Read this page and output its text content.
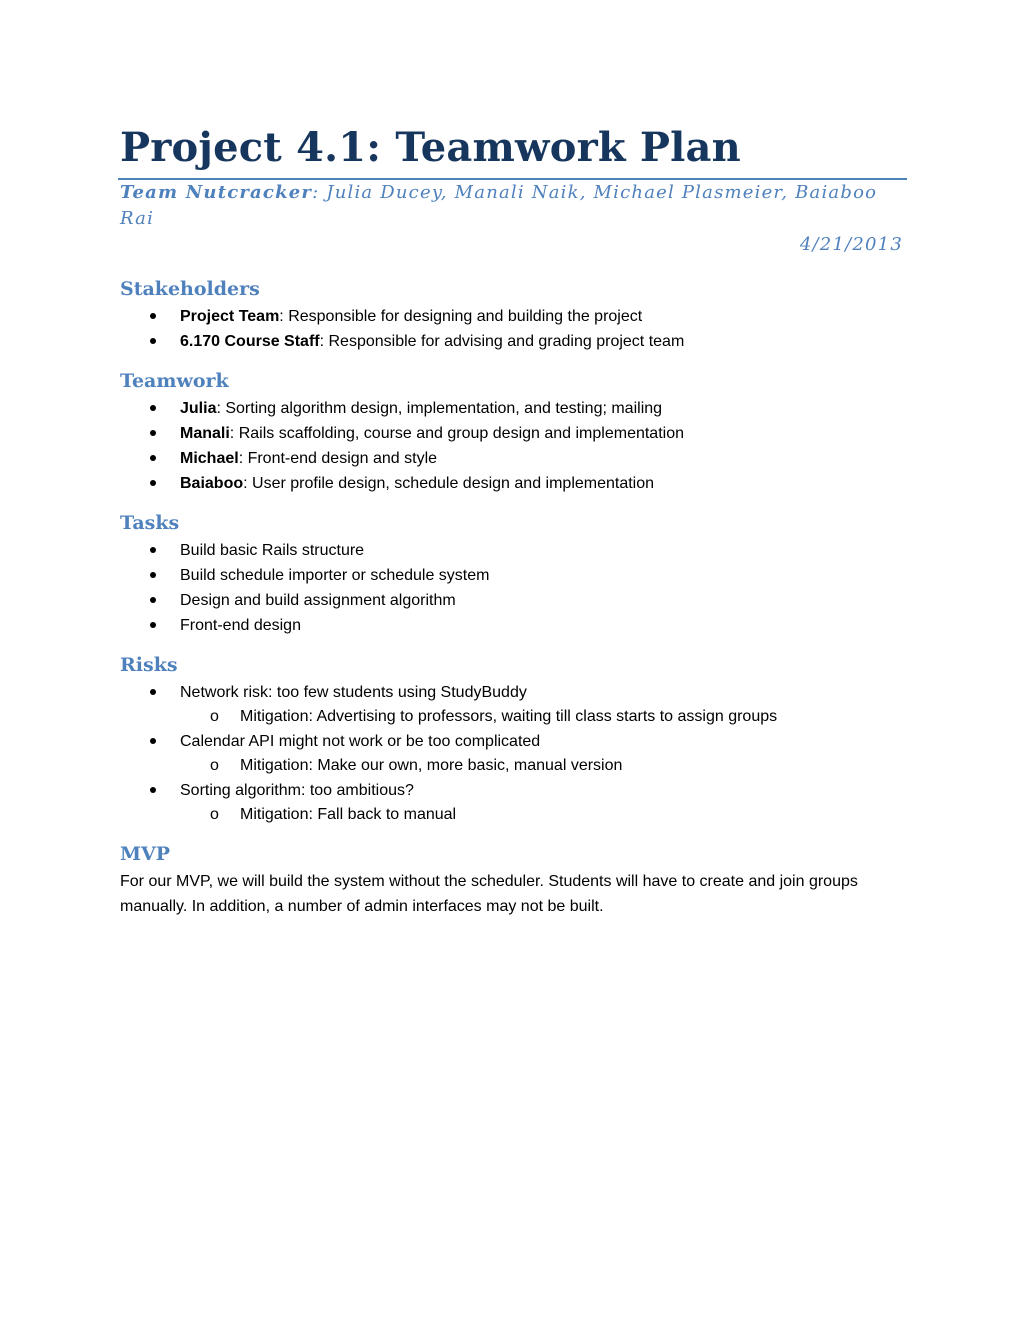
Project 4.1: Teamwork Plan

Team Nutcracker: Julia Ducey, Manali Naik, Michael Plasmeier, Baiaboo Rai

4/21/2013

Stakeholders
Project Team: Responsible for designing and building the project
6.170 Course Staff: Responsible for advising and grading project team
Teamwork
Julia: Sorting algorithm design, implementation, and testing; mailing
Manali: Rails scaffolding, course and group design and implementation
Michael: Front-end design and style
Baiaboo: User profile design, schedule design and implementation
Tasks
Build basic Rails structure
Build schedule importer or schedule system
Design and build assignment algorithm
Front-end design
Risks
Network risk: too few students using StudyBuddy
o Mitigation: Advertising to professors, waiting till class starts to assign groups
Calendar API might not work or be too complicated
o Mitigation: Make our own, more basic, manual version
Sorting algorithm: too ambitious?
o Mitigation: Fall back to manual
MVP

For our MVP, we will build the system without the scheduler. Students will have to create and join groups manually. In addition, a number of admin interfaces may not be built.
